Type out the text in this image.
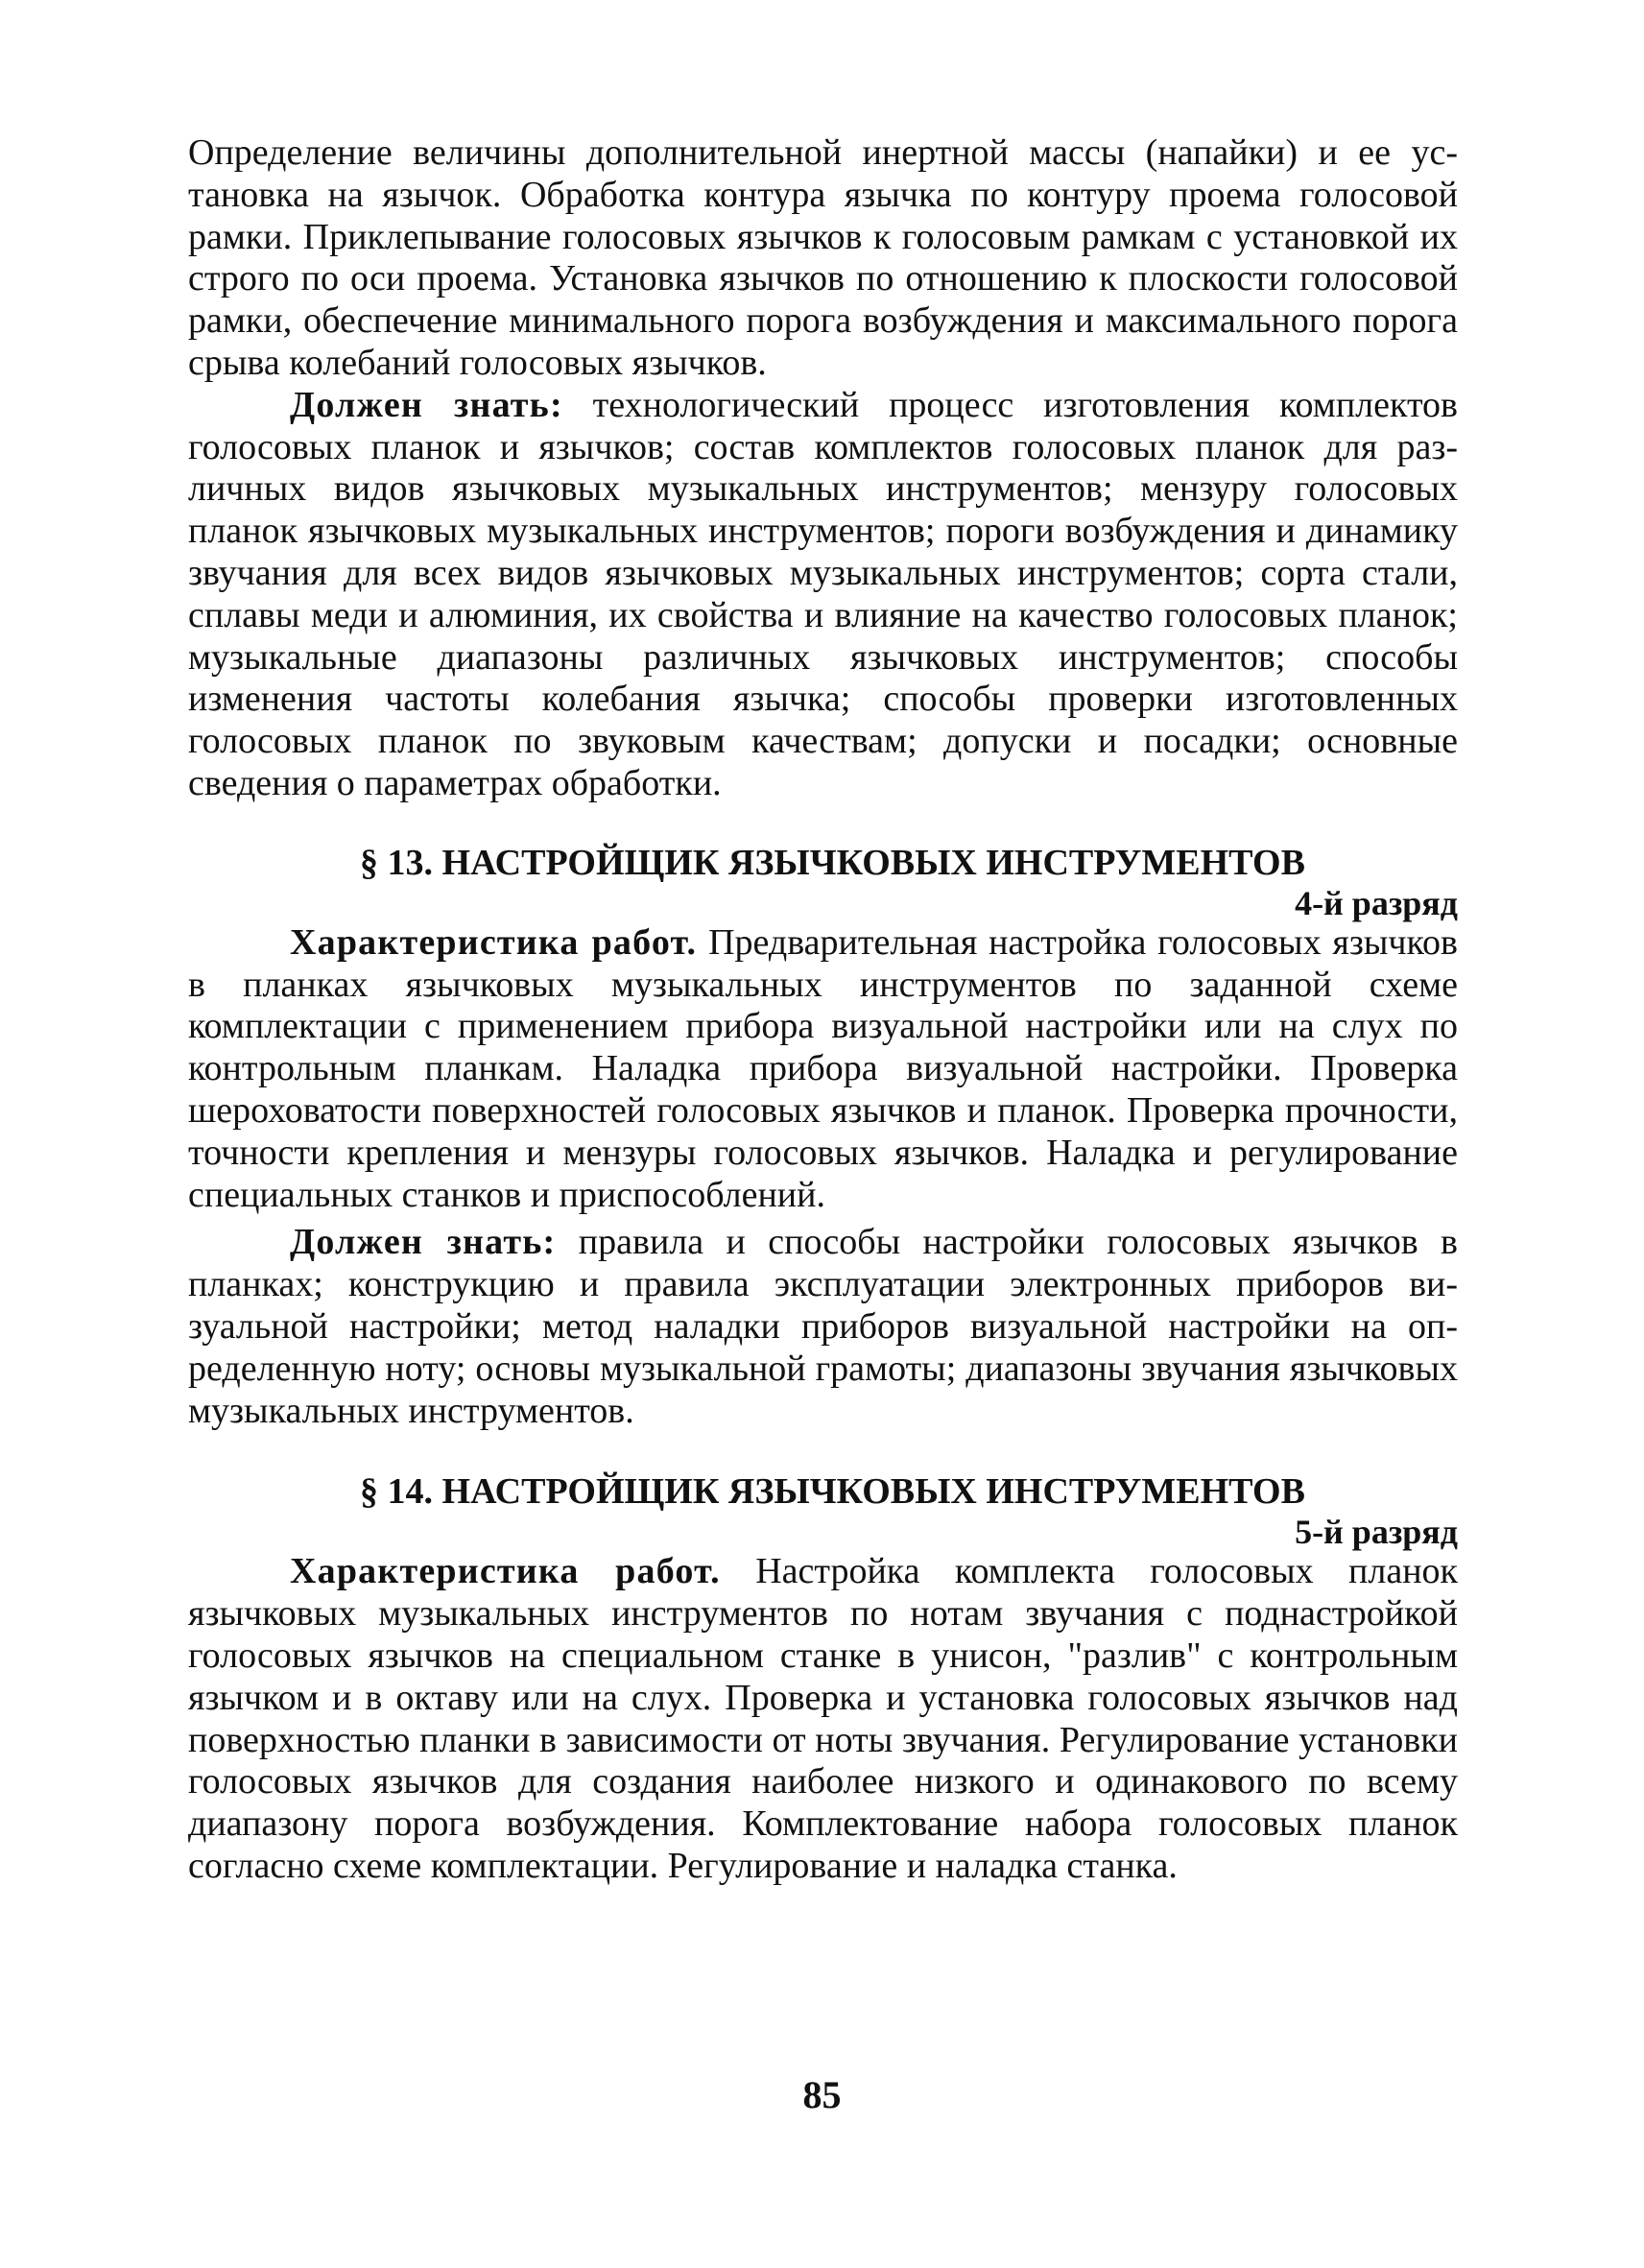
Определение величины дополнительной инертной массы (напайки) и ее установка на язычок. Обработка контура язычка по контуру проема голосовой рамки. Приклепывание голосовых язычков к голосовым рамкам с установкой их строго по оси проема. Установка язычков по отношению к плоскости голосовой рамки, обеспечение минимального порога возбуждения и максимального порога срыва колебаний голосовых язычков.

Должен знать: технологический процесс изготовления комплектов голосовых планок и язычков; состав комплектов голосовых планок для различных видов язычковых музыкальных инструментов; мензуру голосовых планок язычковых музыкальных инструментов; пороги возбуждения и динамику звучания для всех видов язычковых музыкальных инструментов; сорта стали, сплавы меди и алюминия, их свойства и влияние на качество голосовых планок; музыкальные диапазоны различных язычковых инструментов; способы изменения частоты колебания язычка; способы проверки изготовленных голосовых планок по звуковым качествам; допуски и посадки; основные сведения о параметрах обработки.

§ 13. НАСТРОЙЩИК ЯЗЫЧКОВЫХ ИНСТРУМЕНТОВ
4-й разряд

Характеристика работ. Предварительная настройка голосовых язычков в планках язычковых музыкальных инструментов по заданной схеме комплектации с применением прибора визуальной настройки или на слух по контрольным планкам. Наладка прибора визуальной настройки. Проверка шероховатости поверхностей голосовых язычков и планок. Проверка прочности, точности крепления и мензуры голосовых язычков. Наладка и регулирование специальных станков и приспособлений.

Должен знать: правила и способы настройки голосовых язычков в планках; конструкцию и правила эксплуатации электронных приборов визуальной настройки; метод наладки приборов визуальной настройки на определенную ноту; основы музыкальной грамоты; диапазоны звучания язычковых музыкальных инструментов.

§ 14. НАСТРОЙЩИК ЯЗЫЧКОВЫХ ИНСТРУМЕНТОВ
5-й разряд

Характеристика работ. Настройка комплекта голосовых планок язычковых музыкальных инструментов по нотам звучания с поднастройкой голосовых язычков на специальном станке в унисон, "разлив" с контрольным язычком и в октаву или на слух. Проверка и установка голосовых язычков над поверхностью планки в зависимости от ноты звучания. Регулирование установки голосовых язычков для создания наиболее низкого и одинакового по всему диапазону порога возбуждения. Комплектование набора голосовых планок согласно схеме комплектации. Регулирование и наладка станка.

85
